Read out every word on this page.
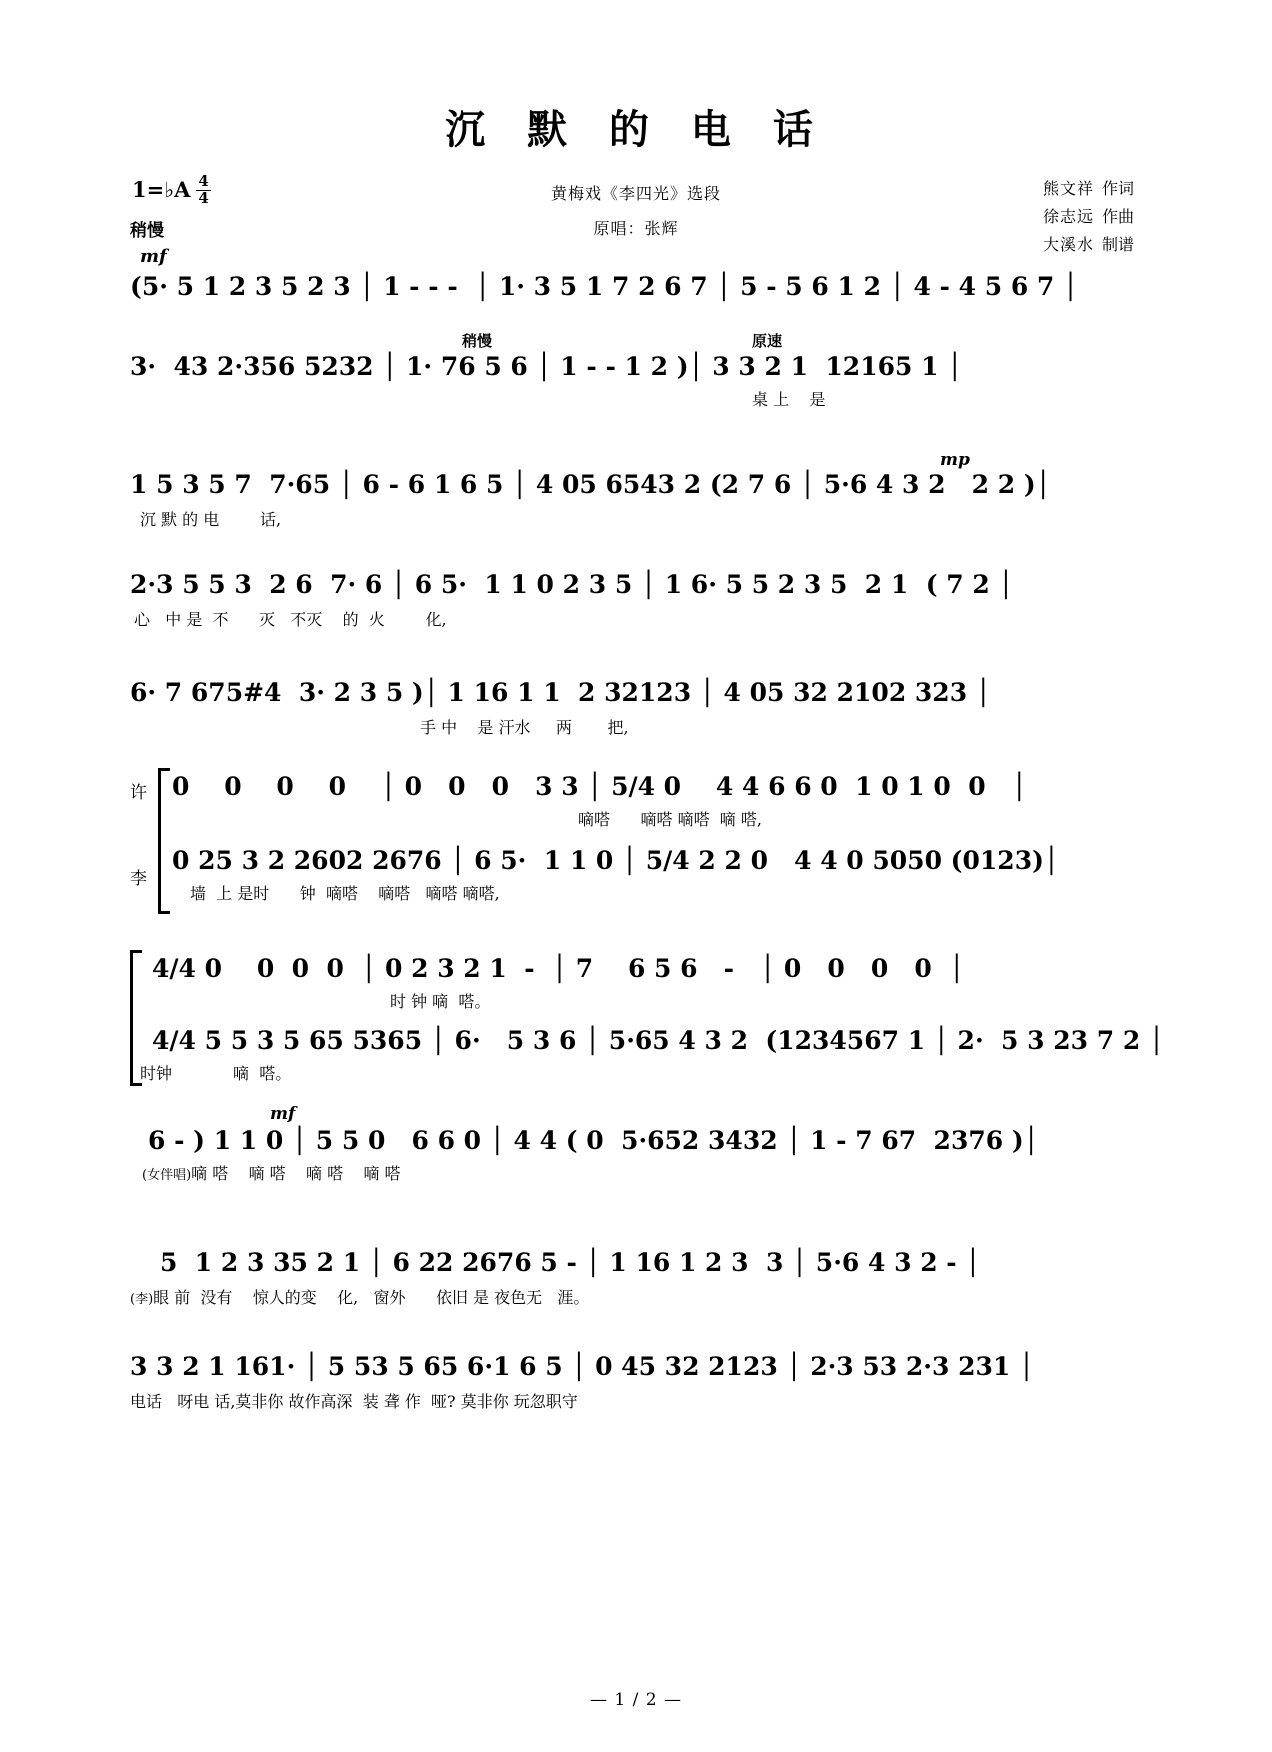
沉 默 的 电 话
1=♭A $\frac{4}{4}$
稍慢
mf
黄梅戏《李四光》选段
原唱：张辉
熊文祥 作词
徐志远 作曲
大溪水 制谱
(5· 5 1 2 3 5 2 3 │ 1 - - -  │ 1· 3 5 1 7 2 6 7 │ 5 - 5 6 1 2 │ 4 - 4 5 6 7 │
稍慢	原速
3·  43 2·356 5232 │ 1· 76 5 6 │ 1 - - 1 2 )│ 3 3 2 1  12165 1 │
桌 上    是
mp
1 5 3 5 7  7·65 │ 6 - 6 1 6 5 │ 4 05 6543 2 (2 7 6 │ 5·6 4 3 2   2 2 )│
沉 默 的 电        话,
2·3 5 5 3  2 6  7· 6 │ 6 5·  1 1 0 2 3 5 │ 1 6· 5 5 2 3 5  2 1  ( 7 2 │
心   中 是  不      灭   不灭    的  火        化,
6· 7 675#4  3· 2 3 5 )│ 1 16 1 1  2 32123 │ 4 05 32 2102 323 │
手 中    是 汗水     两       把,
许 0    0    0    0    │ 0   0   0   3 3 │ 5/4 0    4 4 6 6 0  1 0 1 0  0   │
嘀嗒      嘀嗒 嘀嗒  嘀 嗒,
李
0 25 3 2 2602 2676 │ 6 5·  1 1 0 │ 5/4 2 2 0   4 4 0 5050 (0123)│
墙  上 是时      钟  嘀嗒    嘀嗒   嘀嗒 嘀嗒,
4/4 0    0  0  0  │ 0 2 3 2 1  -  │ 7    6 5 6   -   │ 0   0   0   0  │
时 钟 嘀  嗒。
4/4 5 5 3 5 65 5365 │ 6·   5 3 6 │ 5·65 4 3 2  (1234567 1 │ 2·  5 3 23 7 2 │
时钟            嘀  嗒。
mf
6 - ) 1 1 0 │ 5 5 0   6 6 0 │ 4 4 ( 0  5·652 3432 │ 1 - 7 67  2376 )│
(女伴唱)嘀 嗒    嘀 嗒    嘀 嗒    嘀 嗒
5  1 2 3 35 2 1 │ 6 22 2676 5 - │ 1 16 1 2 3  3 │ 5·6 4 3 2 - │
(李)眼 前  没有    惊人的变    化,   窗外      依旧 是 夜色无   涯。
3 3 2 1 161· │ 5 53 5 65 6·1 6 5 │ 0 45 32 2123 │ 2·3 53 2·3 231 │
电话   呀电 话,莫非你 故作高深  装 聋 作  哑? 莫非你 玩忽职守
— 1 / 2 —
